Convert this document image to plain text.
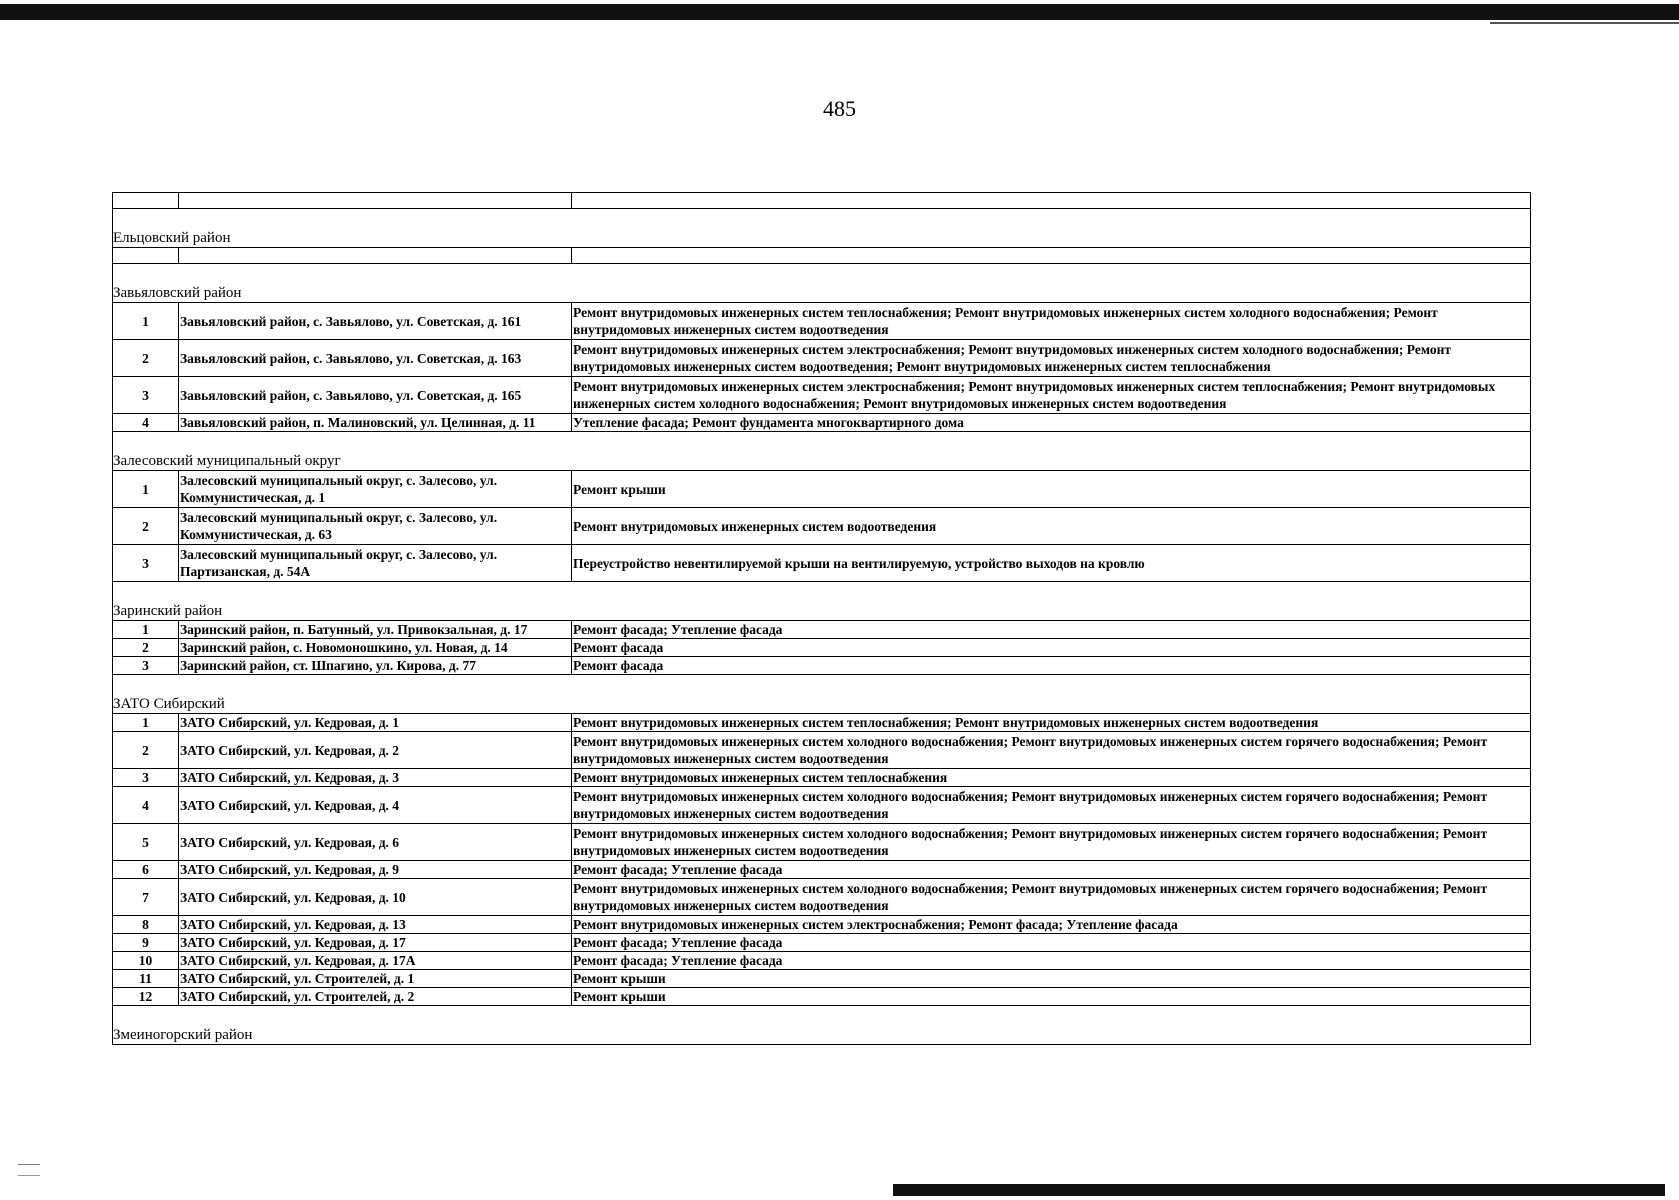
485

Ельцовский район		

Завьяловский район		
1	Завьяловский район, с. Завьялово, ул. Советская, д. 161	Ремонт внутридомовых инженерных систем теплоснабжения; Ремонт внутридомовых инженерных систем холодного водоснабжения; Ремонт внутридомовых инженерных систем водоотведения
2	Завьяловский район, с. Завьялово, ул. Советская, д. 163	Ремонт внутридомовых инженерных систем электроснабжения; Ремонт внутридомовых инженерных систем холодного водоснабжения; Ремонт внутридомовых инженерных систем водоотведения; Ремонт внутридомовых инженерных систем теплоснабжения
3	Завьяловский район, с. Завьялово, ул. Советская, д. 165	Ремонт внутридомовых инженерных систем электроснабжения; Ремонт внутридомовых инженерных систем теплоснабжения; Ремонт внутридомовых инженерных систем холодного водоснабжения; Ремонт внутридомовых инженерных систем водоотведения
4	Завьяловский район, п. Малиновский, ул. Целинная, д. 11	Утепление фасада; Ремонт фундамента многоквартирного дома
Залесовский муниципальный округ		
1	Залесовский муниципальный округ, с. Залесово, ул. Коммунистическая, д. 1	Ремонт крыши
2	Залесовский муниципальный округ, с. Залесово, ул. Коммунистическая, д. 63	Ремонт внутридомовых инженерных систем водоотведения
3	Залесовский муниципальный округ, с. Залесово, ул. Партизанская, д. 54А	Переустройство невентилируемой крыши на вентилируемую, устройство выходов на кровлю
Заринский район		
1	Заринский район, п. Батунный, ул. Привокзальная, д. 17	Ремонт фасада; Утепление фасада
2	Заринский район, с. Новомоношкино, ул. Новая, д. 14	Ремонт фасада
3	Заринский район, ст. Шпагино, ул. Кирова, д. 77	Ремонт фасада
ЗАТО Сибирский		
1	ЗАТО Сибирский, ул. Кедровая, д. 1	Ремонт внутридомовых инженерных систем теплоснабжения; Ремонт внутридомовых инженерных систем водоотведения
2	ЗАТО Сибирский, ул. Кедровая, д. 2	Ремонт внутридомовых инженерных систем холодного водоснабжения; Ремонт внутридомовых инженерных систем горячего водоснабжения; Ремонт внутридомовых инженерных систем водоотведения
3	ЗАТО Сибирский, ул. Кедровая, д. 3	Ремонт внутридомовых инженерных систем теплоснабжения
4	ЗАТО Сибирский, ул. Кедровая, д. 4	Ремонт внутридомовых инженерных систем холодного водоснабжения; Ремонт внутридомовых инженерных систем горячего водоснабжения; Ремонт внутридомовых инженерных систем водоотведения
5	ЗАТО Сибирский, ул. Кедровая, д. 6	Ремонт внутридомовых инженерных систем холодного водоснабжения; Ремонт внутридомовых инженерных систем горячего водоснабжения; Ремонт внутридомовых инженерных систем водоотведения
6	ЗАТО Сибирский, ул. Кедровая, д. 9	Ремонт фасада; Утепление фасада
7	ЗАТО Сибирский, ул. Кедровая, д. 10	Ремонт внутридомовых инженерных систем холодного водоснабжения; Ремонт внутридомовых инженерных систем горячего водоснабжения; Ремонт внутридомовых инженерных систем водоотведения
8	ЗАТО Сибирский, ул. Кедровая, д. 13	Ремонт внутридомовых инженерных систем электроснабжения; Ремонт фасада; Утепление фасада
9	ЗАТО Сибирский, ул. Кедровая, д. 17	Ремонт фасада; Утепление фасада
10	ЗАТО Сибирский, ул. Кедровая, д. 17А	Ремонт фасада; Утепление фасада
11	ЗАТО Сибирский, ул. Строителей, д. 1	Ремонт крыши
12	ЗАТО Сибирский, ул. Строителей, д. 2	Ремонт крыши
Змеиногорский район		
